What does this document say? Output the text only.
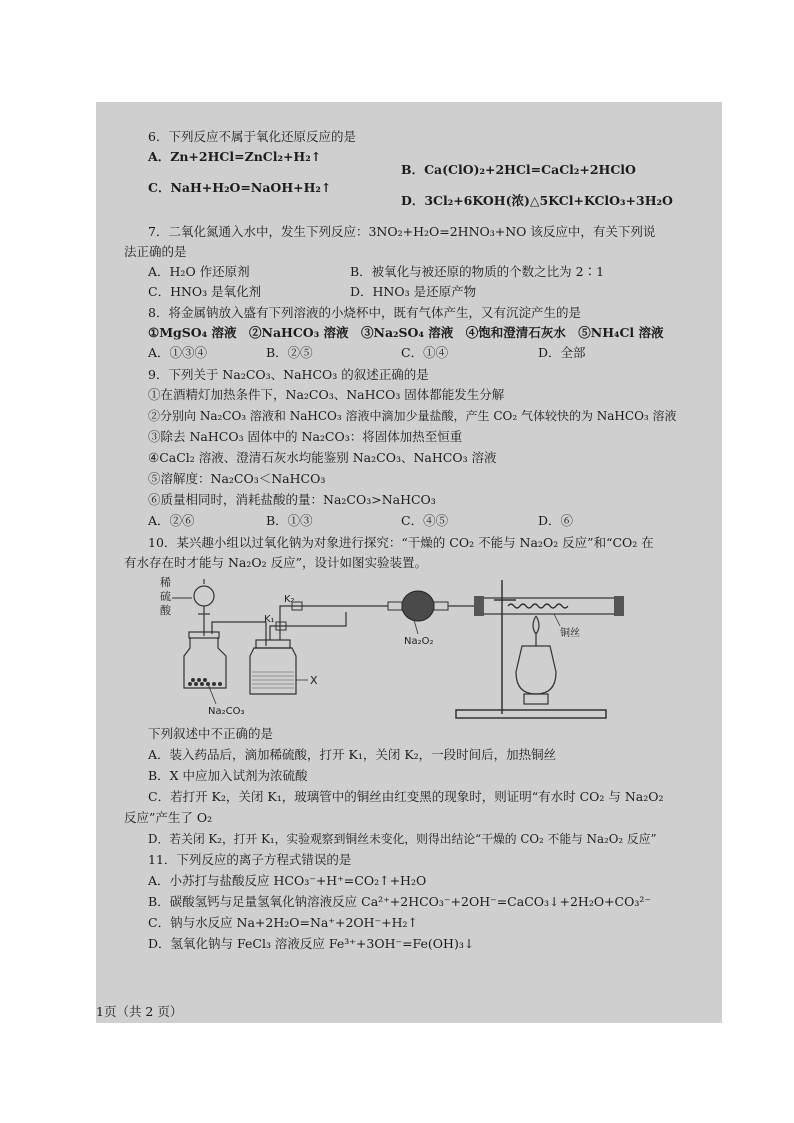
6．下列反应不属于氧化还原反应的是
A．Zn+2HCl=ZnCl₂+H₂↑
B．Ca(ClO)₂+2HCl=CaCl₂+2HClO
C．NaH+H₂O=NaOH+H₂↑
D．3Cl₂+6KOH(浓)△5KCl+KClO₃+3H₂O
7．二氧化氮通入水中，发生下列反应：3NO₂+H₂O=2HNO₃+NO 该反应中，有关下列说
法正确的是
A．H₂O 作还原剂	B．被氧化与被还原的物质的个数之比为 2∶1
C．HNO₃ 是氧化剂	D．HNO₃ 是还原产物
8．将金属钠放入盛有下列溶液的小烧杯中，既有气体产生，又有沉淀产生的是
①MgSO₄ 溶液　②NaHCO₃ 溶液　③Na₂SO₄ 溶液　④饱和澄清石灰水　⑤NH₄Cl 溶液
A．①③④	B．②⑤	C．①④	D．全部
9．下列关于 Na₂CO₃、NaHCO₃ 的叙述正确的是
①在酒精灯加热条件下，Na₂CO₃、NaHCO₃ 固体都能发生分解
②分别向 Na₂CO₃ 溶液和 NaHCO₃ 溶液中滴加少量盐酸，产生 CO₂ 气体较快的为 NaHCO₃ 溶液
③除去 NaHCO₃ 固体中的 Na₂CO₃：将固体加热至恒重
④CaCl₂ 溶液、澄清石灰水均能鉴别 Na₂CO₃、NaHCO₃ 溶液
⑤溶解度：Na₂CO₃＜NaHCO₃
⑥质量相同时，消耗盐酸的量：Na₂CO₃>NaHCO₃
A．②⑥	B．①③	C．④⑤	D．⑥
10．某兴趣小组以过氧化钠为对象进行探究：“干燥的 CO₂ 不能与 Na₂O₂ 反应”和“CO₂ 在
有水存在时才能与 Na₂O₂ 反应”，设计如图实验装置。
稀
硫
酸
Na₂CO₃
X
K₂
K₁
Na₂O₂
铜丝
下列叙述中不正确的是
A．装入药品后，滴加稀硫酸，打开 K₁，关闭 K₂，一段时间后，加热铜丝
B．X 中应加入试剂为浓硫酸
C．若打开 K₂，关闭 K₁，玻璃管中的铜丝由红变黑的现象时，则证明“有水时 CO₂ 与 Na₂O₂
反应”产生了 O₂
D．若关闭 K₂，打开 K₁，实验观察到铜丝未变化，则得出结论“干燥的 CO₂ 不能与 Na₂O₂ 反应”
11．下列反应的离子方程式错误的是
A．小苏打与盐酸反应 HCO₃⁻+H⁺=CO₂↑+H₂O
B．碳酸氢钙与足量氢氧化钠溶液反应 Ca²⁺+2HCO₃⁻+2OH⁻=CaCO₃↓+2H₂O+CO₃²⁻
C．钠与水反应 Na+2H₂O=Na⁺+2OH⁻+H₂↑
D．氢氧化钠与 FeCl₃ 溶液反应 Fe³⁺+3OH⁻=Fe(OH)₃↓
1页（共 2 页）
